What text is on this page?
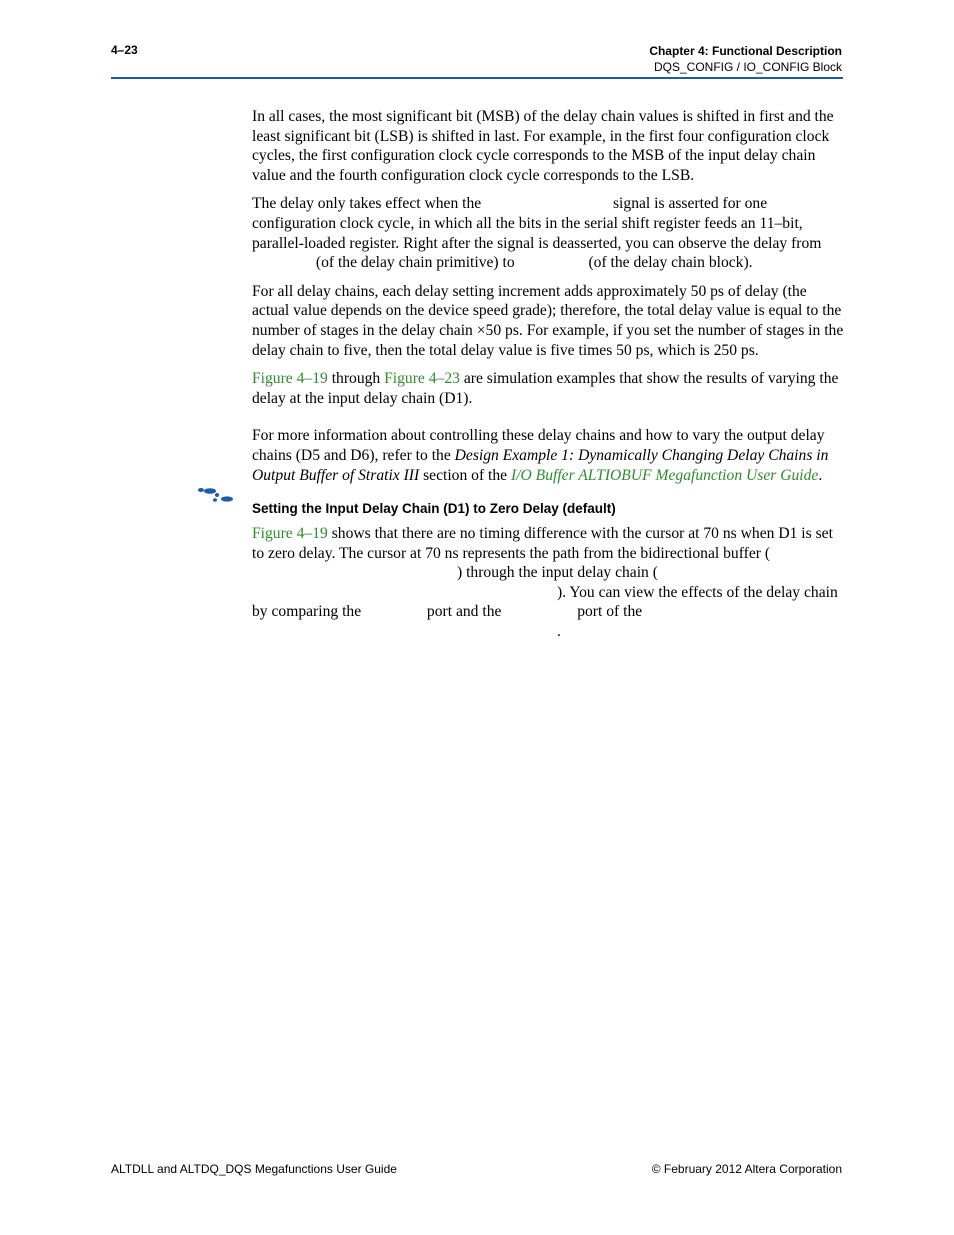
4–23	Chapter 4: Functional Description
DQS_CONFIG / IO_CONFIG Block

In all cases, the most significant bit (MSB) of the delay chain values is shifted in first and the least significant bit (LSB) is shifted in last. For example, in the first four configuration clock cycles, the first configuration clock cycle corresponds to the MSB of the input delay chain value and the fourth configuration clock cycle corresponds to the LSB.

The delay only takes effect when the	signal is asserted for one configuration clock cycle, in which all the bits in the serial shift register feeds an 11–bit, parallel-loaded register. Right after the signal is deasserted, you can observe the delay from  (of the delay chain primitive) to	(of the delay chain block).

For all delay chains, each delay setting increment adds approximately 50 ps of delay (the actual value depends on the device speed grade); therefore, the total delay value is equal to the number of stages in the delay chain ×50 ps. For example, if you set the number of stages in the delay chain to five, then the total delay value is five times 50 ps, which is 250 ps.

Figure 4–19 through Figure 4–23 are simulation examples that show the results of varying the delay at the input delay chain (D1).

For more information about controlling these delay chains and how to vary the output delay chains (D5 and D6), refer to the Design Example 1: Dynamically Changing Delay Chains in Output Buffer of Stratix III section of the I/O Buffer ALTIOBUF Megafunction User Guide.

Setting the Input Delay Chain (D1) to Zero Delay (default)

Figure 4–19 shows that there are no timing difference with the cursor at 70 ns when D1 is set to zero delay. The cursor at 70 ns represents the path from the bidirectional buffer () through the input delay chain (). You can view the effects of the delay chain by comparing the	port and the	port of the .

ALTDLL and ALTDQ_DQS Megafunctions User Guide	© February 2012 Altera Corporation
